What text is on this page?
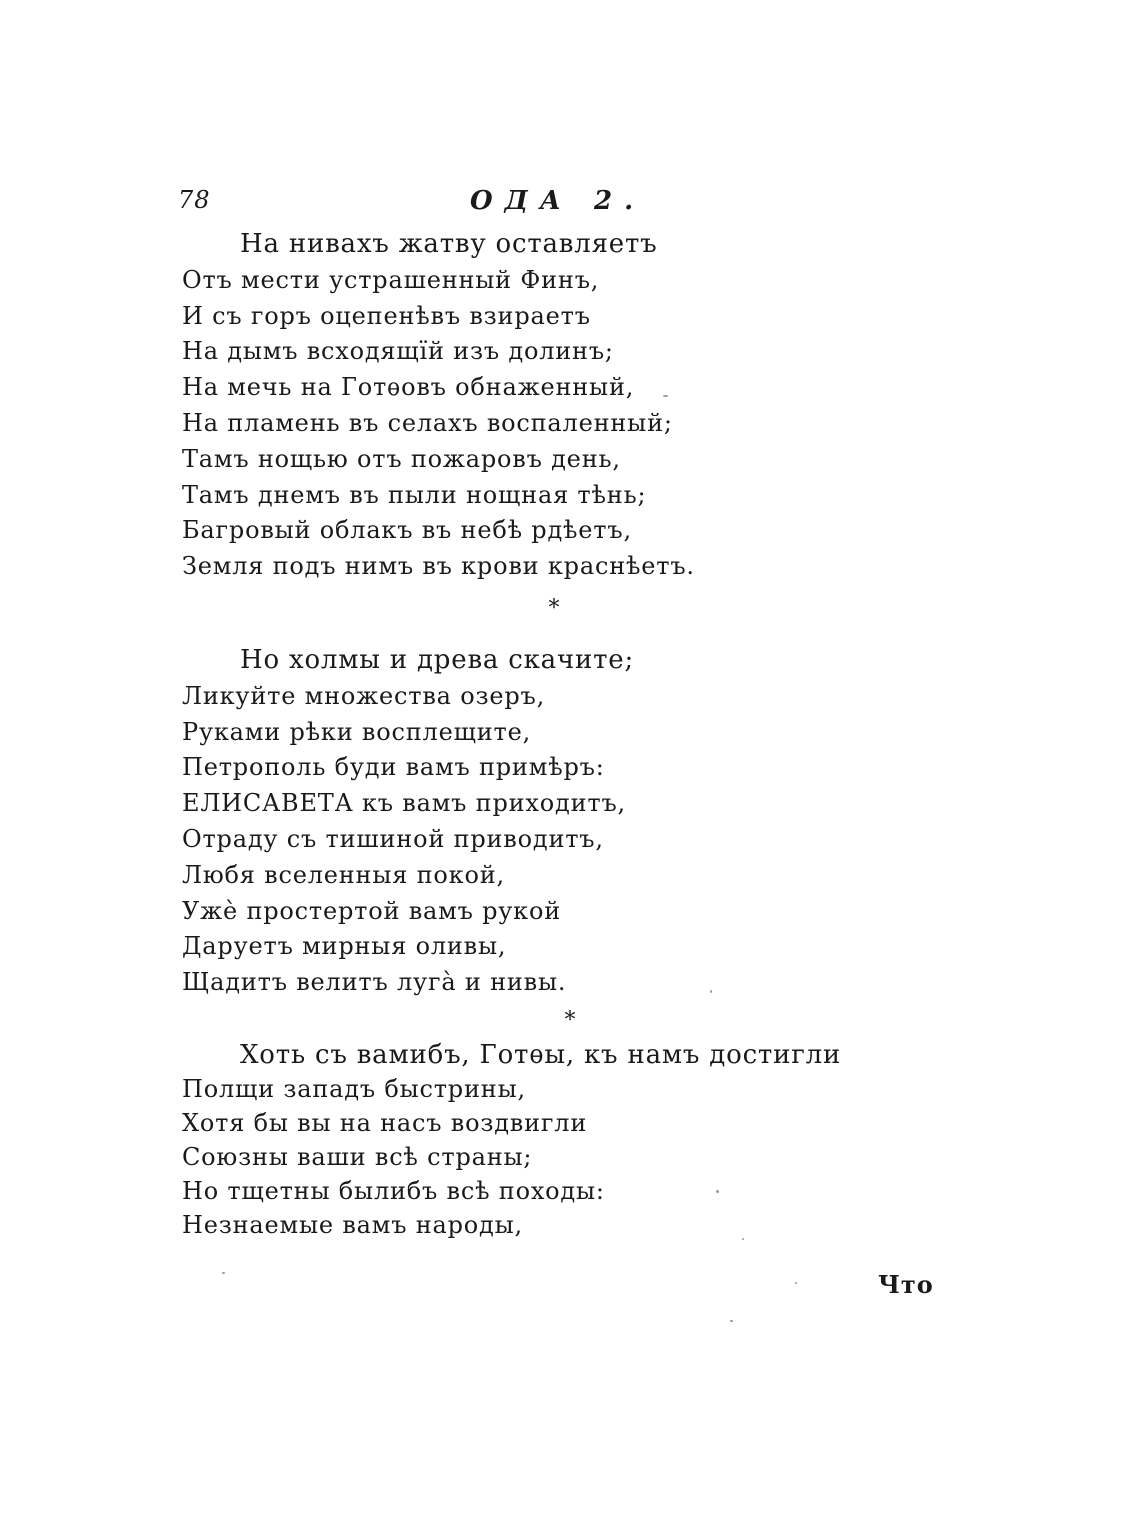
78	ОДА 2.
На нивахъ жатву оставляетъ
Отъ мести устрашенный Финъ,
И съ горъ оцепенѣвъ взираетъ
На дымъ всходящїй изъ долинъ;
На мечь на Готѳовъ обнаженный,
На пламень въ селахъ воспаленный;
Тамъ нощью отъ пожаровъ день,
Тамъ днемъ въ пыли нощная тѣнь;
Багровый облакъ въ небѣ рдѣетъ,
Земля подъ нимъ въ крови краснѣетъ.
*
Но холмы и древа скачите;
Ликуйте множества озеръ,
Руками рѣки восплещите,
Петрополь буди вамъ примѣръ:
ЕЛИСАВЕТА къ вамъ приходитъ,
Отраду съ тишиной приводитъ,
Любя вселенныя покой,
Ужѐ простертой вамъ рукой
Даруетъ мирныя оливы,
Щадитъ велитъ луга̀ и нивы.
*
Хоть съ вамибъ, Готѳы, къ намъ достигли
Полщи западъ быстрины,
Хотя бы вы на насъ воздвигли
Союзны ваши всѣ страны;
Но тщетны былибъ всѣ походы:
Незнаемые вамъ народы,
Что
